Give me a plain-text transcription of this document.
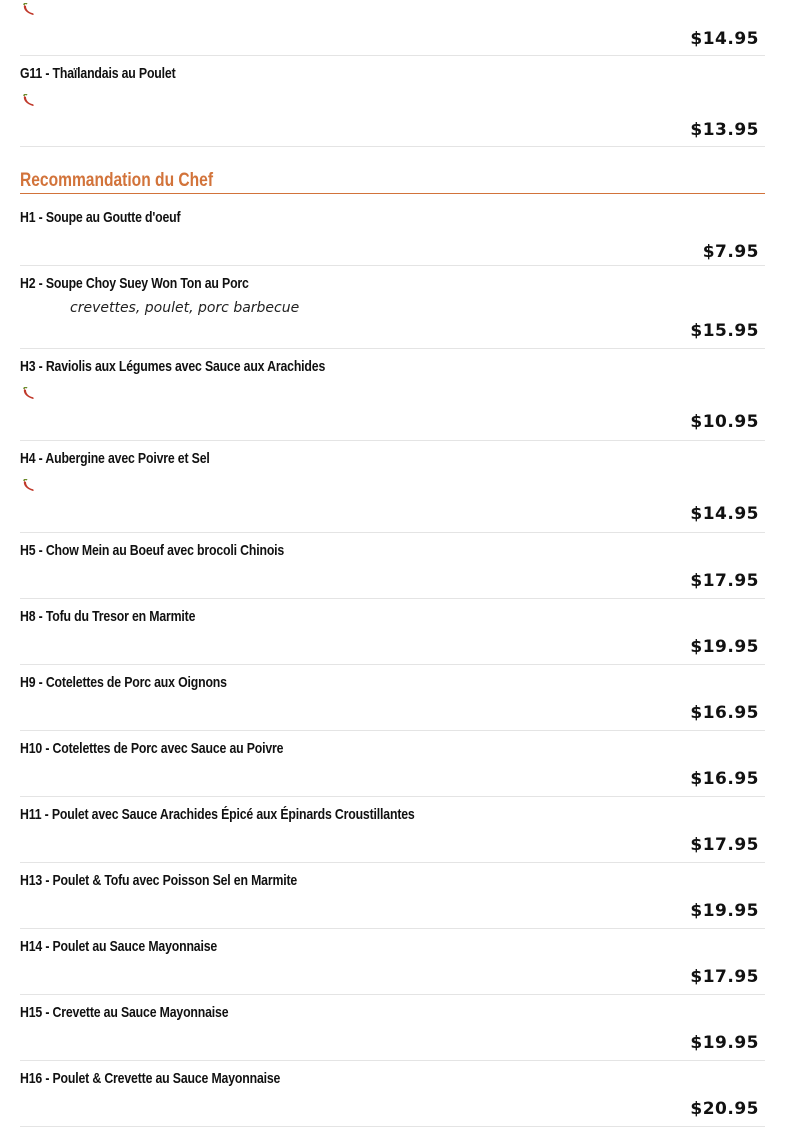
$14.95
G11 - Thaïlandais au Poulet
$13.95
Recommandation du Chef
H1 - Soupe au Goutte d'oeuf
$7.95
H2 - Soupe Choy Suey Won Ton au Porc
crevettes, poulet, porc barbecue
$15.95
H3 - Raviolis aux Légumes avec Sauce aux Arachides
$10.95
H4 - Aubergine avec Poivre et Sel
$14.95
H5 - Chow Mein au Boeuf avec brocoli Chinois
$17.95
H8 - Tofu du Tresor en Marmite
$19.95
H9 - Cotelettes de Porc aux Oignons
$16.95
H10 - Cotelettes de Porc avec Sauce au Poivre
$16.95
H11 - Poulet avec Sauce Arachides Épicé aux Épinards Croustillantes
$17.95
H13 - Poulet & Tofu avec Poisson Sel en Marmite
$19.95
H14 - Poulet au Sauce Mayonnaise
$17.95
H15 - Crevette au Sauce Mayonnaise
$19.95
H16 - Poulet & Crevette au Sauce Mayonnaise
$20.95
